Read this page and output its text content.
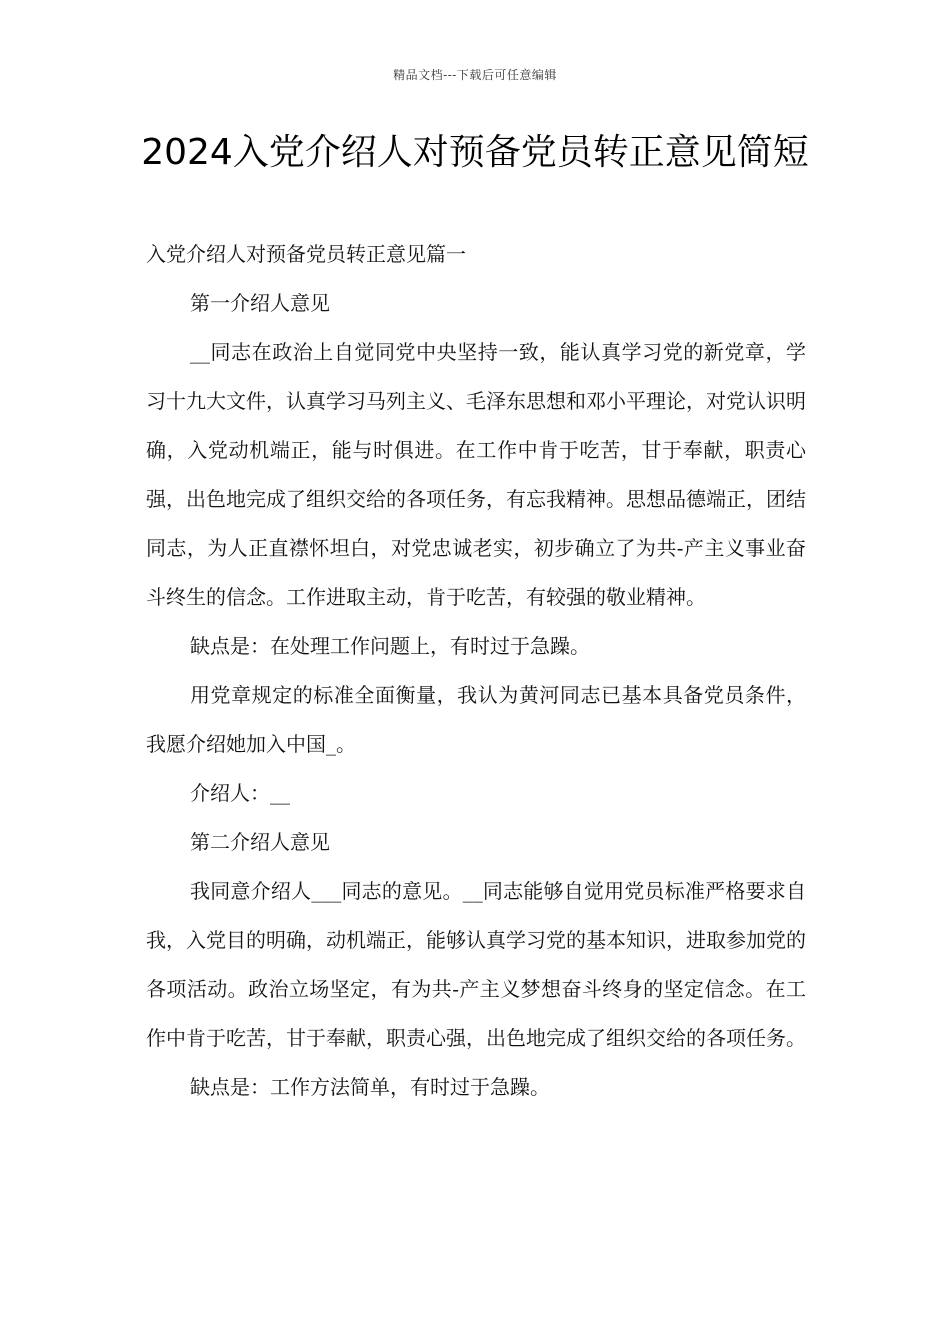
精品文档---下载后可任意编辑
2024入党介绍人对预备党员转正意见简短

入党介绍人对预备党员转正意见篇一

第一介绍人意见

__同志在政治上自觉同党中央坚持一致，能认真学习党的新党章，学习十九大文件，认真学习马列主义、毛泽东思想和邓小平理论，对党认识明确，入党动机端正，能与时俱进。在工作中肯于吃苦，甘于奉献，职责心强，出色地完成了组织交给的各项任务，有忘我精神。思想品德端正，团结同志，为人正直襟怀坦白，对党忠诚老实，初步确立了为共-产主义事业奋斗终生的信念。工作进取主动，肯于吃苦，有较强的敬业精神。

缺点是：在处理工作问题上，有时过于急躁。

用党章规定的标准全面衡量，我认为黄河同志已基本具备党员条件，我愿介绍她加入中国_。

介绍人：__

第二介绍人意见

我同意介绍人___同志的意见。__同志能够自觉用党员标准严格要求自我，入党目的明确，动机端正，能够认真学习党的基本知识，进取参加党的各项活动。政治立场坚定，有为共-产主义梦想奋斗终身的坚定信念。在工作中肯于吃苦，甘于奉献，职责心强，出色地完成了组织交给的各项任务。

缺点是：工作方法简单，有时过于急躁。
